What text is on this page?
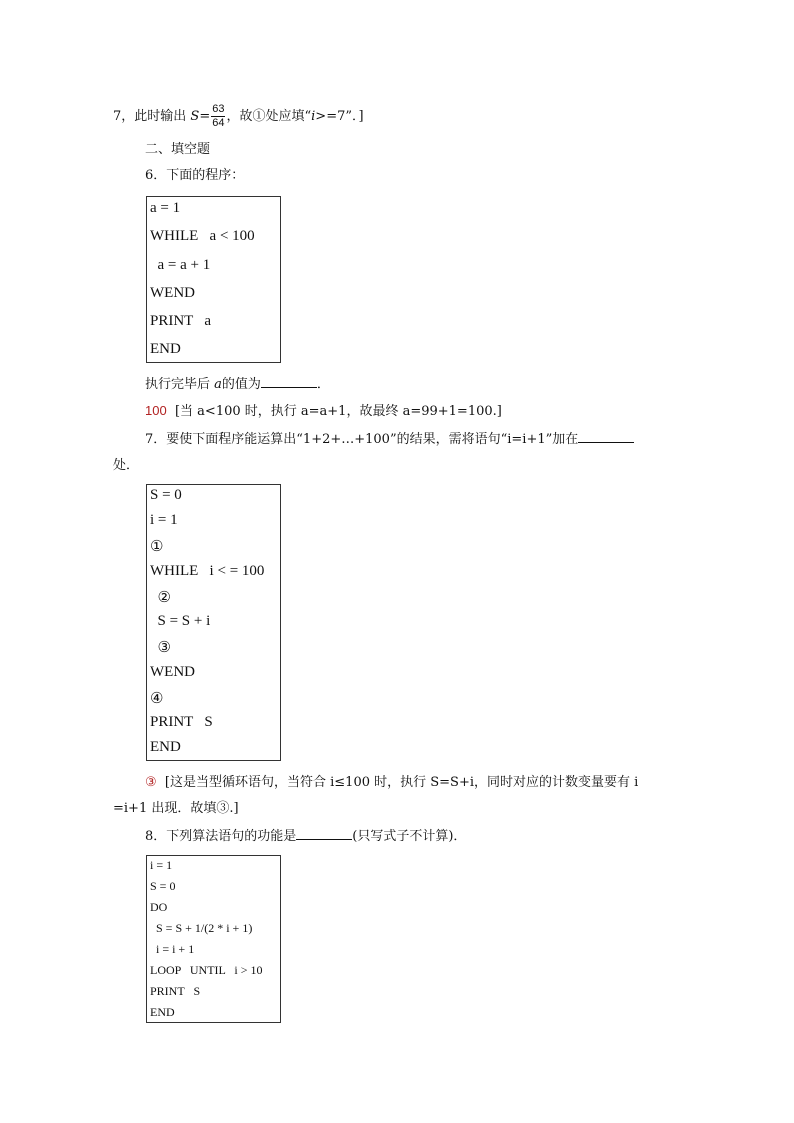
7，此时输出 $S= \frac{63}{64}$ ，故①处应填“i>=7”．]
二、填空题
6．下面的程序：
a = 1
WHILE   a < 100
a = a + 1
WEND
PRINT   a
END
执行完毕后 a的值为	．
100 [当 a<100 时，执行 a=a+1，故最终 a=99+1=100.]
7．要使下面程序能运算出“1+2+…+100”的结果，需将语句“i=i+1”加在
处．
S = 0
i = 1
①
WHILE   i < = 100
②
S = S + i
③
WEND
④
PRINT   S
END
③ [这是当型循环语句，当符合 i≤100 时，执行 S=S+i，同时对应的计数变量要有 i
=i+1 出现．故填③.]
8．下列算法语句的功能是	(只写式子不计算)．
i = 1
S = 0
DO
S = S + 1/(2 * i + 1)
i = i + 1
LOOP   UNTIL   i > 10
PRINT   S
END
